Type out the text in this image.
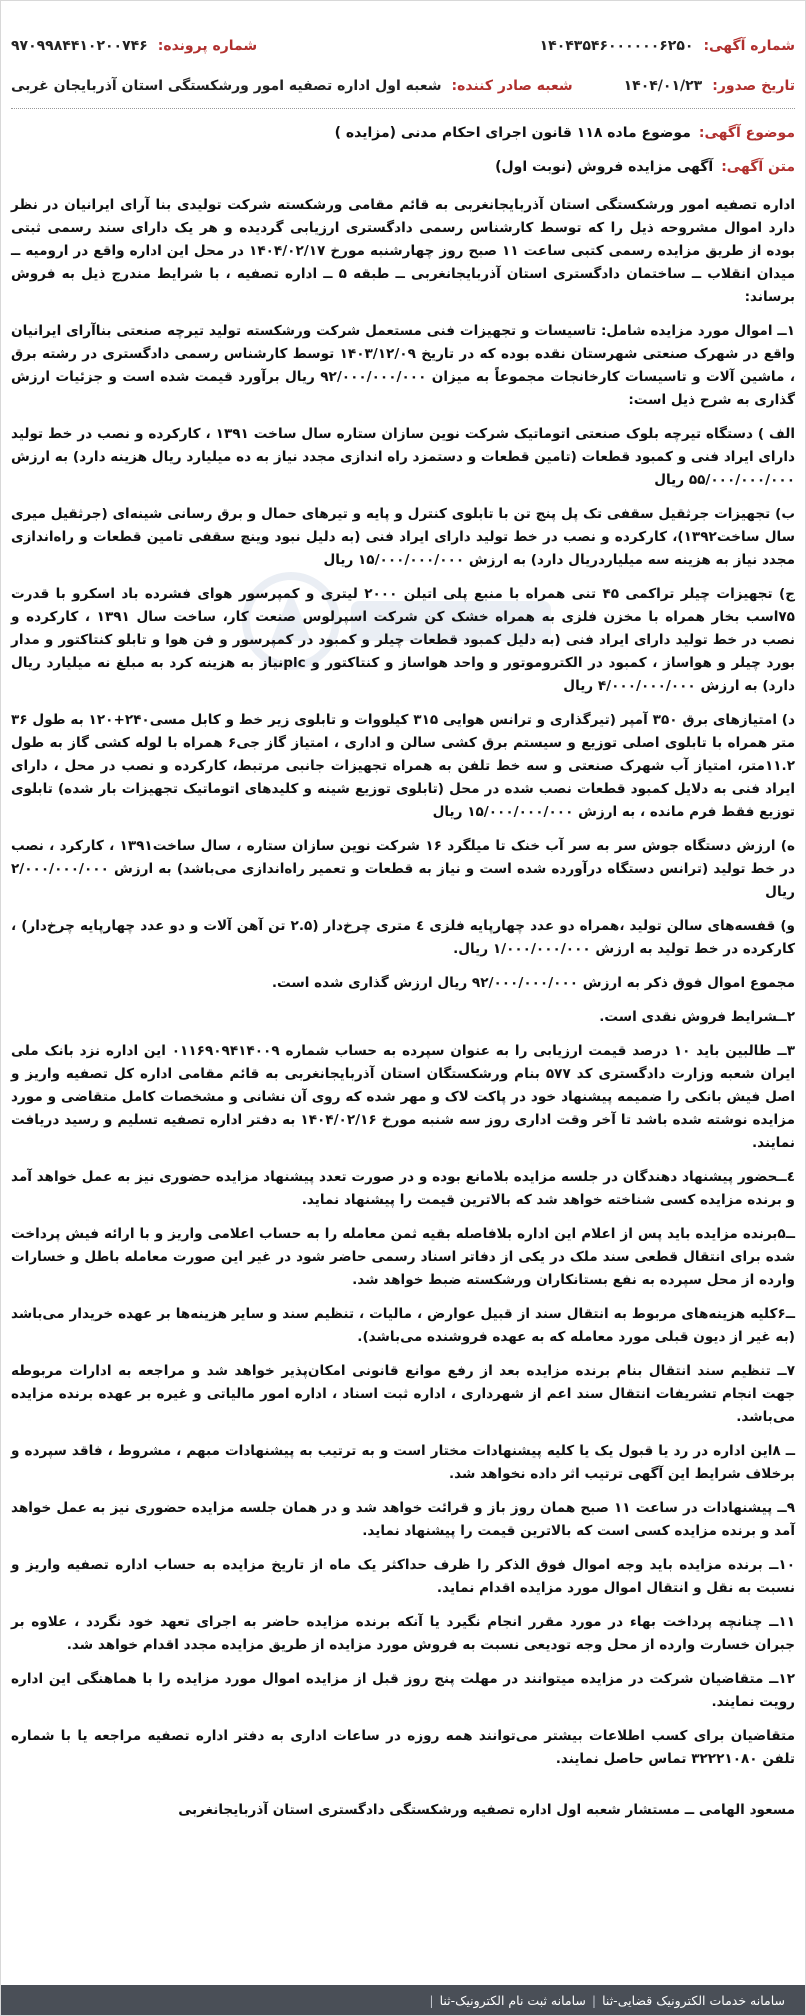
شماره آگهی:
۱۴۰۴۳۵۴۶۰۰۰۰۰۰۶۲۵۰
شماره پرونده:
۹۷۰۹۹۸۴۴۱۰۲۰۰۷۴۶
تاریخ صدور:
۱۴۰۴/۰۱/۲۳
شعبه صادر کننده:
شعبه اول اداره تصفیه امور ورشکستگی استان آذربایجان غربی
موضوع آگهی:
موضوع ماده ۱۱۸ قانون اجرای احکام مدنی (مزایده )
متن آگهی:
آگهی مزایده فروش (نوبت اول)

اداره تصفیه امور ورشکستگی استان آذربایجانغربی به قائم مقامی ورشکسته شرکت تولیدی بنا آرای ایرانیان در نظر دارد اموال مشروحه ذیل را که توسط کارشناس رسمی دادگستری ارزیابی گردیده و هر یک دارای سند رسمی ثبتی بوده از طریق مزایده رسمی کتبی ساعت ۱۱ صبح روز چهارشنبه مورخ ۱۴۰۴/۰۲/۱۷ در محل این اداره واقع در ارومیه ــ میدان انقلاب ــ ساختمان دادگستری استان آذربایجانغربی ــ طبقه ۵ ــ اداره تصفیه ، با شرایط مندرج ذیل به فروش برساند:

۱ــ اموال مورد مزایده شامل: تاسیسات و تجهیزات فنی مستعمل شرکت ورشکسته تولید تیرچه صنعتی بناآرای ایرانیان واقع در شهرک صنعتی شهرستان نقده بوده که در تاریخ ۱۴۰۳/۱۲/۰۹ توسط کارشناس رسمی دادگستری در رشته برق ، ماشین آلات و تاسیسات کارخانجات مجموعاً به میزان ۹۲/۰۰۰/۰۰۰/۰۰۰ ریال برآورد قیمت شده است و جزئیات ارزش گذاری به شرح ذیل است:

الف ) دستگاه تیرچه بلوک صنعتی اتوماتیک شرکت نوین سازان ستاره سال ساخت ۱۳۹۱ ، کارکرده و نصب در خط تولید دارای ایراد فنی و کمبود قطعات (تامین قطعات و دستمزد راه اندازی مجدد نیاز به ده میلیارد ریال هزینه دارد) به ارزش ۵۵/۰۰۰/۰۰۰/۰۰۰ ریال

ب) تجهیزات جرثقیل سقفی تک پل پنج تن با تابلوی کنترل و پایه و تیرهای حمال و برق رسانی شینه‌ای (جرثقیل میری سال ساخت۱۳۹۲)، کارکرده و نصب در خط تولید دارای ایراد فنی (به دلیل نبود وینچ سقفی تامین قطعات و راه‌اندازی مجدد نیاز به هزینه سه میلیاردریال دارد) به ارزش ۱۵/۰۰۰/۰۰۰/۰۰۰ ریال

ج) تجهیزات چیلر تراکمی ۴۵ تنی همراه با منبع پلی اتیلن ۲۰۰۰ لیتری و کمپرسور هوای فشرده باد اسکرو با قدرت ۷۵اسب بخار همراه با مخزن فلزی به همراه خشک کن شرکت اسپرلوس صنعت کار، ساخت سال ۱۳۹۱ ، کارکرده و نصب در خط تولید دارای ایراد فنی (به دلیل کمبود قطعات چیلر و کمبود در کمپرسور و فن هوا و تابلو کنتاکتور و مدار بورد چیلر و هواساز ، کمبود در الکتروموتور و واحد هواساز و کنتاکتور و plcنیاز به هزینه کرد به مبلغ نه میلیارد ریال دارد) به ارزش ۴/۰۰۰/۰۰۰/۰۰۰ ریال

د) امتیازهای برق ۳۵۰ آمپر (تیرگذاری و ترانس هوایی ۳۱۵ کیلووات و تابلوی زیر خط و کابل مسی۲۴۰+۱۲۰ به طول ۳۶ متر همراه با تابلوی اصلی توزیع و سیستم برق کشی سالن و اداری ، امتیاز گاز جی۶ همراه با لوله کشی گاز به طول ۱۱.۲متر، امتیاز آب شهرک صنعتی و سه خط تلفن به همراه تجهیزات جانبی مرتبط، کارکرده و نصب در محل ، دارای ایراد فنی به دلایل کمبود قطعات نصب شده در محل (تابلوی توزیع شینه و کلیدهای اتوماتیک تجهیزات بار شده) تابلوی توزیع فقط فرم مانده ، به ارزش ۱۵/۰۰۰/۰۰۰/۰۰۰ ریال

ه) ارزش دستگاه جوش سر به سر آب خنک تا میلگرد ۱۶ شرکت نوین سازان ستاره ، سال ساخت۱۳۹۱ ، کارکرد ، نصب در خط تولید (ترانس دستگاه درآورده شده است و نیاز به قطعات و تعمیر راه‌اندازی می‌باشد) به ارزش ۲/۰۰۰/۰۰۰/۰۰۰ ریال

و) قفسه‌های سالن تولید ،همراه دو عدد چهارپایه فلزی ٤ متری چرخ‌دار (۲.۵ تن آهن آلات و دو عدد چهارپایه چرخ‌دار) ، کارکرده در خط تولید به ارزش ۱/۰۰۰/۰۰۰/۰۰۰ ریال.

مجموع اموال فوق ذکر به ارزش ۹۲/۰۰۰/۰۰۰/۰۰۰ ریال ارزش گذاری شده است.

۲ــشرایط فروش نقدی است.

۳ــ طالبین باید ۱۰ درصد قیمت ارزیابی را به عنوان سپرده به حساب شماره ۰۱۱۶۹۰۹۴۱۴۰۰۹ این اداره نزد بانک ملی ایران شعبه وزارت دادگستری کد ۵۷۷ بنام ورشکستگان استان آذربایجانغربی به قائم مقامی اداره کل تصفیه واریز و اصل فیش بانکی را ضمیمه پیشنهاد خود در پاکت لاک و مهر شده که روی آن نشانی و مشخصات کامل متقاضی و مورد مزایده نوشته شده باشد تا آخر وقت اداری روز سه شنبه مورخ ۱۴۰۴/۰۲/۱۶ به دفتر اداره تصفیه تسلیم و رسید دریافت نمایند.

٤ــحضور پیشنهاد دهندگان در جلسه مزایده بلامانع بوده و در صورت تعدد پیشنهاد مزایده حضوری نیز به عمل خواهد آمد و برنده مزایده کسی شناخته خواهد شد که بالاترین قیمت را پیشنهاد نماید.

ــ۵برنده مزایده باید پس از اعلام این اداره بلافاصله بقیه ثمن معامله را به حساب اعلامی واریز و با ارائه فیش پرداخت شده برای انتقال قطعی سند ملک در یکی از دفاتر اسناد رسمی حاضر شود در غیر این صورت معامله باطل و خسارات وارده از محل سپرده به نفع بستانکاران ورشکسته ضبط خواهد شد.

ــ۶کلیه هزینه‌های مربوط به انتقال سند از قبیل عوارض ، مالیات ، تنظیم سند و سایر هزینه‌ها بر عهده خریدار می‌باشد (به غیر از دیون قبلی مورد معامله که به عهده فروشنده می‌باشد).

۷ــ تنظیم سند انتقال بنام برنده مزایده بعد از رفع موانع قانونی امکان‌پذیر خواهد شد و مراجعه به ادارات مربوطه جهت انجام تشریفات انتقال سند اعم از شهرداری ، اداره ثبت اسناد ، اداره امور مالیاتی و غیره بر عهده برنده مزایده می‌باشد.

ــ ۸این اداره در رد یا قبول یک یا کلیه پیشنهادات مختار است و به ترتیب به پیشنهادات مبهم ، مشروط ، فاقد سپرده و برخلاف شرایط این آگهی ترتیب اثر داده نخواهد شد.

۹ــ پیشنهادات در ساعت ۱۱ صبح همان روز باز و قرائت خواهد شد و در همان جلسه مزایده حضوری نیز به عمل خواهد آمد و برنده مزایده کسی است که بالاترین قیمت را پیشنهاد نماید.

۱۰ــ برنده مزایده باید وجه اموال فوق الذکر را ظرف حداکثر یک ماه از تاریخ مزایده به حساب اداره تصفیه واریز و نسبت به نقل و انتقال اموال مورد مزایده اقدام نماید.

۱۱ــ چنانچه پرداخت بهاء در مورد مقرر انجام نگیرد یا آنکه برنده مزایده حاضر به اجرای تعهد خود نگردد ، علاوه بر جبران خسارت وارده از محل وجه تودیعی نسبت به فروش مورد مزایده از طریق مزایده مجدد اقدام خواهد شد.

۱۲ــ متقاضیان شرکت در مزایده میتوانند در مهلت پنج روز قبل از مزایده اموال مورد مزایده را با هماهنگی این اداره رویت نمایند.

متقاضیان برای کسب اطلاعات بیشتر می‌توانند همه روزه در ساعات اداری به دفتر اداره تصفیه مراجعه یا با شماره تلفن ۳۲۲۲۱۰۸۰ تماس حاصل نمایند.

مسعود الهامی ــ مستشار شعبه اول اداره تصفیه ورشکستگی دادگستری استان آذربایجانغربی

سامانه خدمات الکترونیک قضایی-ثنا
|
سامانه ثبت نام الکترونیک-ثنا
|
